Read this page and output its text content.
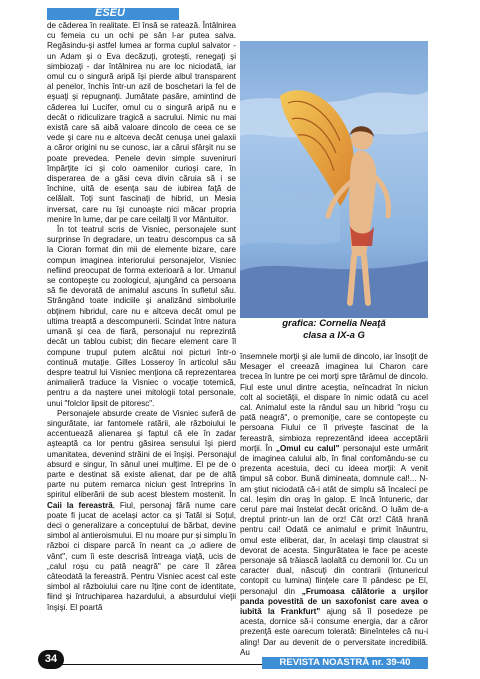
ESEU

de căderea în realitate. El însă se ratează. Întâlnirea cu femeia cu un ochi pe sân l-ar putea salva. Regăsindu-şi astfel lumea ar forma cuplul salvator - un Adam şi o Eva decăzuţi, groteşti, renegaţi şi simbiozaţi - dar întâlnirea nu are loc niciodată, iar omul cu o singură aripă îşi pierde albul transparent al penelor, închis într-un azil de boschetari la fel de eşuaţi şi repugnanţi. Jumătate pasăre, amintind de căderea lui Lucifer, omul cu o singură aripă nu e decât o ridiculizare tragică a sacrului. Nimic nu mai există care să aibă valoare dincolo de ceea ce se vede şi care nu e altceva decât cenuşa unei galaxii a căror origini nu se cunosc, iar a cărui sfârşit nu se poate prevedea. Penele devin simple suveniruri împărţite ici şi colo oamenilor curioşi care, în disperarea de a găsi ceva divin căruia să i se închine, uită de esenţa sau de iubirea faţă de celălalt. Toţi sunt fascinaţi de hibrid, un Mesia inversat, care nu îşi cunoaşte nici măcar propria menire în lume, dar pe care ceilalţi îl vor Mântuitor.

În tot teatrul scris de Visniec, personajele sunt surprinse în degradare, un teatru descompus ca să la Cioran format din mii de elemente bizare, care compun imaginea interiorului personajelor, Visniec nefiind preocupat de forma exterioară a lor. Umanul se contopeşte cu zoologicul, ajungând ca persoana să fie devorată de animalul ascuns în sufletul său. Strângând toate indiciile şi analizând simbolurile obţinem hibridul, care nu e altceva decât omul pe ultima treaptă a descompunerii. Scindat între natura umană şi cea de fiară, personajul nu reprezintă decât un tablou cubist; din fiecare element care îl compune trupul putem alcătui noi picturi într-o continuă mutaţie. Gilles Losseroy în articolul său despre teatrul lui Visniec menţiona că reprezentarea animalieră traduce la Visniec o vocaţie totemică, pentru a da naştere unei mitologii total personale, unui "folclor lipsit de pitoresc".

Personajele absurde create de Visniec suferă de singurătate, iar fantomele ratării, ale războiului le accentuează alienarea şi faptul că ele în zadar aşteaptă ca lor pentru găsirea sensului îşi pierd umanitatea, devenind străini de ei înşişi. Personajul absurd e singur, în sânul unei mulţime. El pe de o parte e destinat să existe alienat, dar pe de altă parte nu putem remarca niciun gest întreprins în spiritul eliberării de sub acest blestem mostenit. În Caii la fereastră, Fiul, personaj fără nume care poate fi jucat de același actor ca și Tatăl si Soțul, deci o generalizare a conceptului de bărbat, devine simbol al antieroismului. El nu moare pur și simplu în război ci dispare parcă în neant ca „o adiere de vânt", cum îi este descrisă întreaga viaţă, ucis de „calul roşu cu pată neagră" pe care îl zărea câteodată la fereastră. Pentru Visniec acest cal este simbol al războiului care nu îţine cont de identitate, fiind şi întruchiparea hazardului, a absurdului vieţii înşişi. El poartă

grafica: Cornelia Neaţă
clasa a IX-a G

însemnele morţii şi ale lumii de dincolo, iar însoţit de Mesager el creează imaginea lui Charon care trecea în luntre pe cei morţi spre tărâmul de dincolo. Fiul este unul dintre aceştia, neîncadrat în niciun colt al societăţii, el dispare în nimic odată cu acel cal. Animalul este la rândul sau un hibrid "roşu cu pată neagră", o premoniţie, care se contopeşte cu persoana Fiului ce îl priveşte fascinat de la fereastră, simbioza reprezentând ideea acceptării morţii. În „Omul cu calul" personajul este urmărit de imaginea calului alb, în final confomându-se cu prezenta acestuia, deci cu ideea morţii: A venit timpul să cobor. Bună dimineata, domnule cal!... N-am ştiut niciodată că-i atât de simplu să încalecí pe cal. Ieşim din oraş în galop. E încă întuneric, dar cerul pare mai înstelat decât oricând. O luăm de-a dreptul printr-un lan de orz! Cât orz! Câtă hrană pentru cai! Odată ce animalul e primit înăuntru, omul este eliberat, dar, în acelaşi timp claustrat si devorat de acesta. Singurătatea le face pe aceste personaje să trăiască laolaltă cu demonii lor. Cu un caracter dual, născuţi din contrarii (întunericul contopit cu lumina) fiinţele care îl pândesc pe El, personajul din „Frumoasa călătorie a urşilor panda povestită de un saxofonist care avea o iubită la Frankfurt" ajung să îl posedeze pe acesta, dornice să-i consume energia, dar a căror prezenţă este oarecum tolerată: Bineînteles că nu-i aling! Dar au devenit de o perversitate incredibilă. Au

34	REVISTA NOASTRĂ nr. 39-40
